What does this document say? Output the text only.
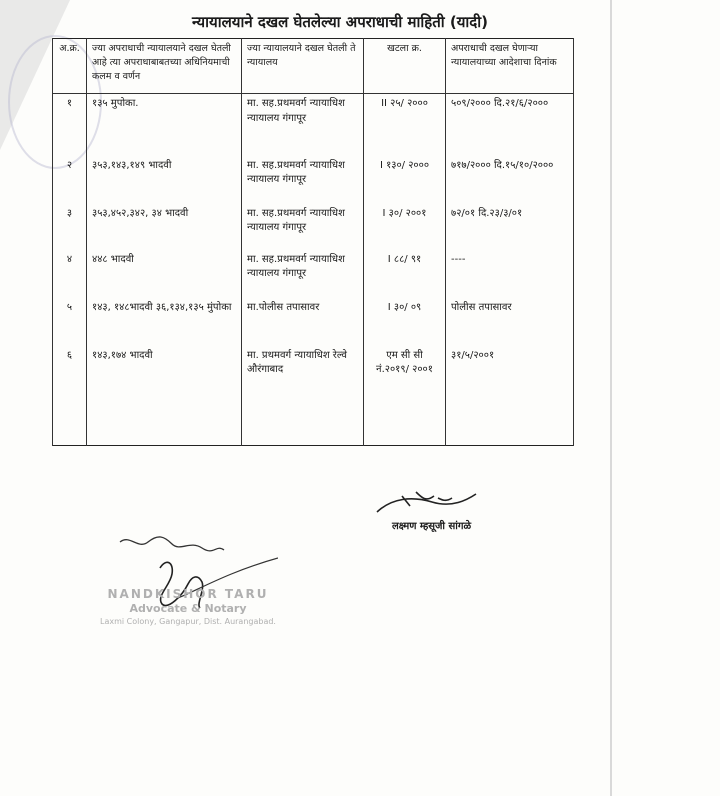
न्यायालयाने दखल घेतलेल्या अपराधाची माहिती (यादी)
अ.क्र.	ज्या अपराधाची न्यायालयाने दखल घेतली आहे त्या अपराधाबाबतच्या अधिनियमाची कलम व वर्णन	ज्या न्यायालयाने दखल घेतली ते न्यायालय	खटला क्र.	अपराधाची दखल घेणाऱ्या न्यायालयाच्या आदेशाचा दिनांक
१	१३५ मुपोका.	मा. सह.प्रथमवर्ग न्यायाधिश न्यायालय गंगापूर	II २५/ २०००	५०९/२००० दि.२१/६/२०००
२	३५३,१४३,१४९ भादवी	मा. सह.प्रथमवर्ग न्यायाधिश न्यायालय गंगापूर	I १३०/ २०००	७१७/२००० दि.१५/१०/२०००
३	३५३,४५२,३४२, ३४ भादवी	मा. सह.प्रथमवर्ग न्यायाधिश न्यायालय गंगापूर	I ३०/ २००१	७२/०१ दि.२३/३/०१
४	४४८ भादवी	मा. सह.प्रथमवर्ग न्यायाधिश न्यायालय गंगापूर	I ८८/ ९१	----
५	१४३, १४८भादवी ३६,१३४,१३५ मुंपोका	मा.पोलीस तपासावर	I ३०/ ०९	पोलीस तपासावर
६	१४३,१७४ भादवी	मा. प्रथमवर्ग न्यायाधिश रेल्वे औरंगाबाद	एम सी सी नं.२०१९/ २००१	३१/५/२००१
लक्ष्मण म्हसूजी सांगळे
NANDKISHOR TARU
Advocate & Notary
Laxmi Colony, Gangapur, Dist. Aurangabad.
